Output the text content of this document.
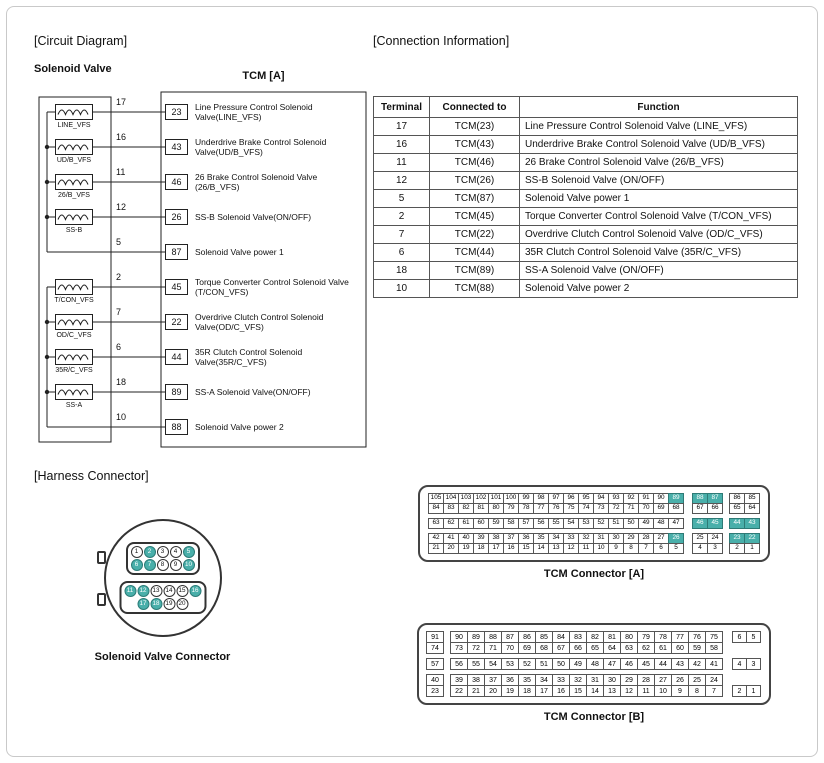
[Circuit Diagram]	[Connection Information]
[Harness Connector]
Solenoid Valve
TCM [A]
17
LINE_VFS
23
Line Pressure Control Solenoid Valve(LINE_VFS)
16
UD/B_VFS
43
Underdrive Brake Control Solenoid Valve(UD/B_VFS)
11
26/B_VFS
46
26 Brake Control Solenoid Valve (26/B_VFS)
12
SS-B
26	SS-B Solenoid Valve(ON/OFF)
5
87	Solenoid Valve power 1
2
T/CON_VFS
45
Torque Converter Control Solenoid Valve (T/CON_VFS)
7
OD/C_VFS
22
Overdrive Clutch Control Solenoid Valve(OD/C_VFS)
6
35R/C_VFS
44
35R Clutch Control Solenoid Valve(35R/C_VFS)
18
SS-A
89	SS-A Solenoid Valve(ON/OFF)
10
88	Solenoid Valve power 2
Terminal	Connected to	Function
17	TCM(23)	Line Pressure Control Solenoid Valve (LINE_VFS)
16	TCM(43)	Underdrive Brake Control Solenoid Valve (UD/B_VFS)
11	TCM(46)	26 Brake Control Solenoid Valve (26/B_VFS)
12	TCM(26)	SS-B Solenoid Valve (ON/OFF)
5	TCM(87)	Solenoid Valve power 1
2	TCM(45)	Torque Converter Control Solenoid Valve (T/CON_VFS)
7	TCM(22)	Overdrive Clutch Control Solenoid Valve (OD/C_VFS)
6	TCM(44)	35R Clutch Control Solenoid Valve (35R/C_VFS)
18	TCM(89)	SS-A Solenoid Valve (ON/OFF)
10	TCM(88)	Solenoid Valve power 2
1	2	3	4	5
6	7	8	9	10
11 12 13 14 15 16
17 18 19 20
Solenoid Valve Connector
105 104 103 102 101 100 99	98	97	96	95	94	93	92	91	90	89	88	87	86	85
84	83	82	81	80	79	78	77	76	75	74	73	72	71	70	69	68	67	66	65	64
63	62	61	60	59	58	57	56	55	54	53	52	51	50	49	48	47	46	45	44	43
42	41	40	39	38	37	36	35	34	33	32	31	30	29	28	27	26	25	24	23	22
21	20	19	18	17	16	15	14	13	12	11	10	9	8	7	6	5	4	3	2	1
TCM Connector [A]
91	90	89	88	87	86	85	84	83	82	81	80	79	78	77	76	75
74	73	72	71	70	69	68	67	66	65	64	63	62	61	60	59	58
57	56	55	54	53	52	51	50	49	48	47	46	45	44	43	42	41
40	39	38	37	36	35	34	33	32	31	30	29	28	27	26	25	24
23	22	21	20	19	18	17	16	15	14	13	12	11	10	9	8	7
6	5
4	3
2	1
TCM Connector [B]
